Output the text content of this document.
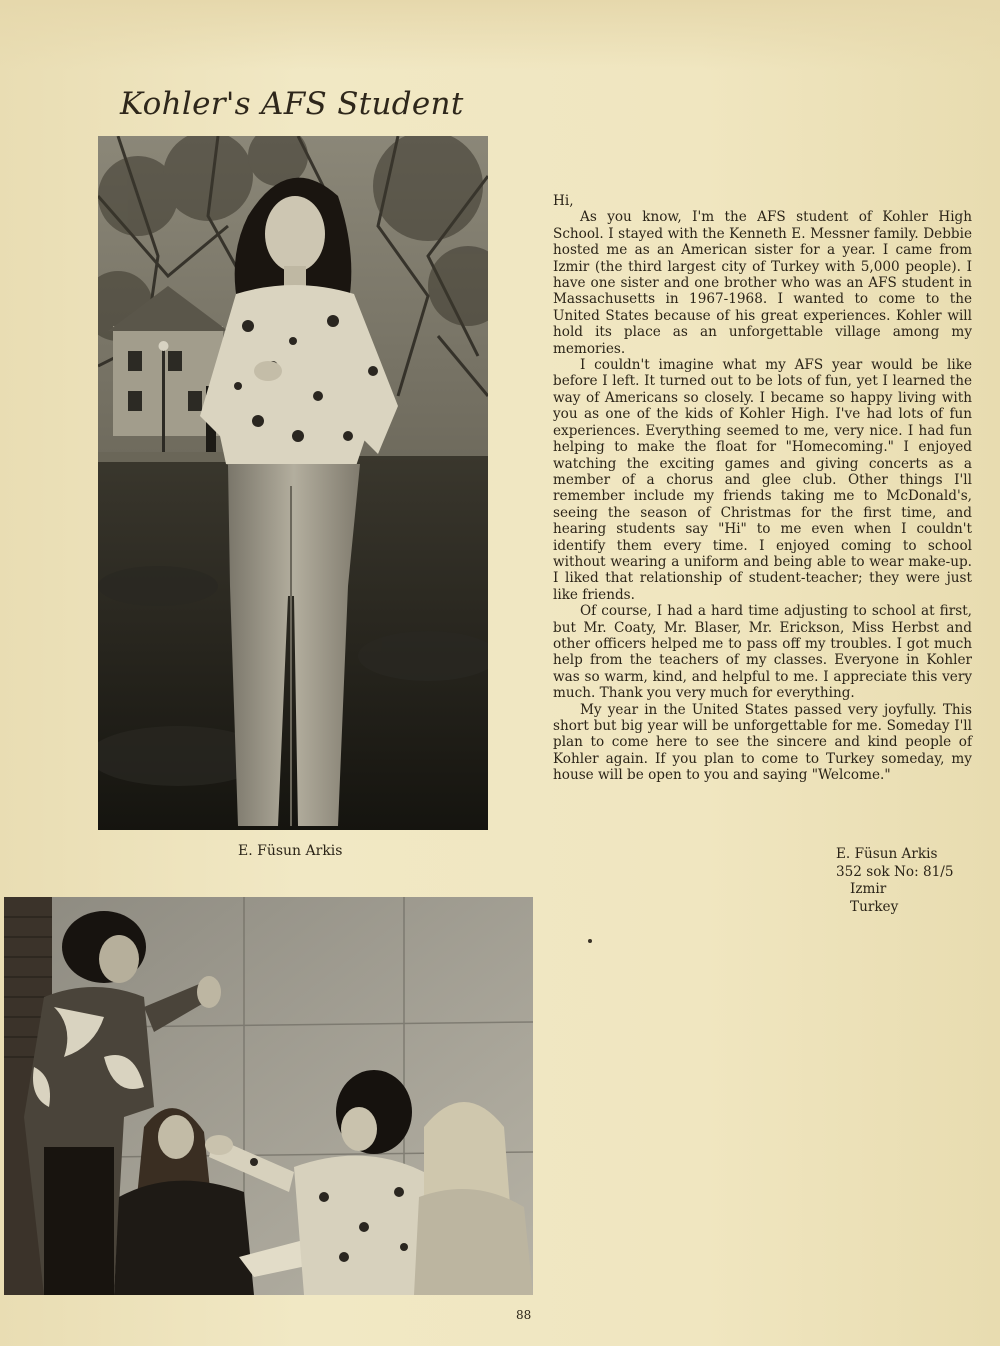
Kohler's AFS Student
E. Füsun Arkis

Hi,

As you know, I'm the AFS student of Kohler High School. I stayed with the Kenneth E. Messner family. Debbie hosted me as an American sister for a year. I came from Izmir (the third largest city of Turkey with 5,000 people). I have one sister and one brother who was an AFS student in Massachusetts in 1967-1968. I wanted to come to the United States because of his great experiences. Kohler will hold its place as an unforgettable village among my memories.

I couldn't imagine what my AFS year would be like before I left. It turned out to be lots of fun, yet I learned the way of Americans so closely. I became so happy living with you as one of the kids of Kohler High. I've had lots of fun experiences. Everything seemed to me, very nice. I had fun helping to make the float for "Homecoming." I enjoyed watching the exciting games and giving concerts as a member of a chorus and glee club. Other things I'll remember include my friends taking me to McDonald's, seeing the season of Christmas for the first time, and hearing students say "Hi" to me even when I couldn't identify them every time. I enjoyed coming to school without wearing a uniform and being able to wear make-up. I liked that relationship of student-teacher; they were just like friends.

Of course, I had a hard time adjusting to school at first, but Mr. Coaty, Mr. Blaser, Mr. Erickson, Miss Herbst and other officers helped me to pass off my troubles. I got much help from the teachers of my classes. Everyone in Kohler was so warm, kind, and helpful to me. I appreciate this very much. Thank you very much for everything.

My year in the United States passed very joyfully. This short but big year will be unforgettable for me. Someday I'll plan to come here to see the sincere and kind people of Kohler again. If you plan to come to Turkey someday, my house will be open to you and saying "Welcome."

E. Füsun Arkis
352 sok No: 81/5
Izmir
Turkey
88
